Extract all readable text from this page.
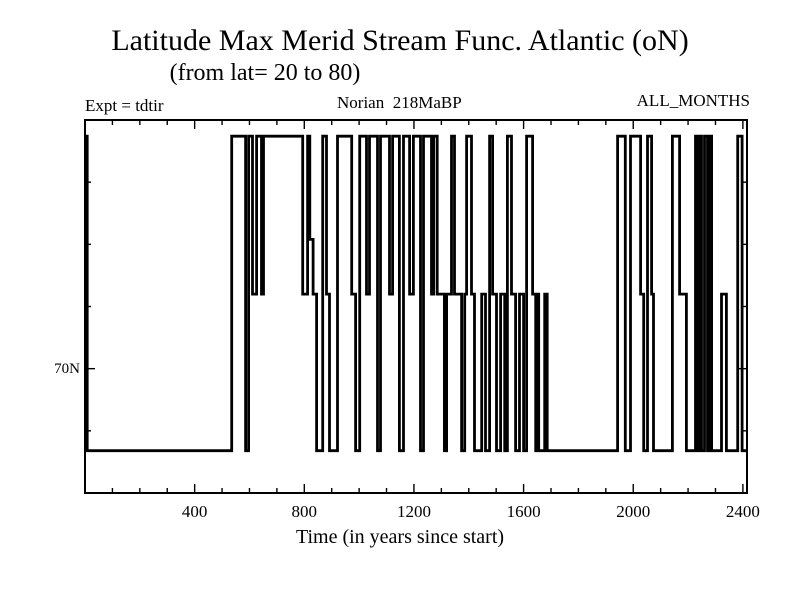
Latitude Max Merid Stream Func. Atlantic (oN)
(from lat= 20 to 80)
Expt = tdtir	Norian  218MaBP	ALL_MONTHS
70N
Time (in years since start)
400	800	1200	1600	2000	2400
